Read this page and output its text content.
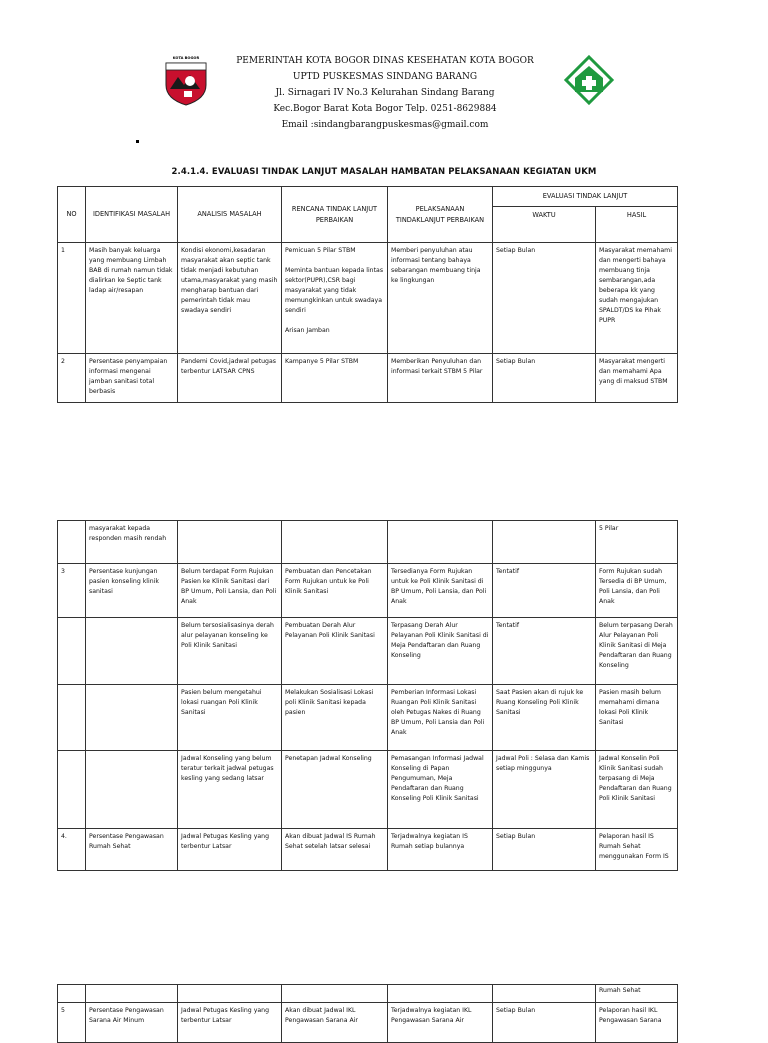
KOTA BOGOR	PEMERINTAH KOTA BOGOR DINAS KESEHATAN KOTA BOGOR
UPTD PUSKESMAS SINDANG BARANG
Jl. Sirnagari IV No.3 Kelurahan Sindang Barang
Kec.Bogor Barat Kota Bogor Telp. 0251-8629884
Email :sindangbarangpuskesmas@gmail.com
2.4.1.4. EVALUASI TINDAK LANJUT MASALAH HAMBATAN PELAKSANAAN KEGIATAN UKM
NO	IDENTIFIKASI MASALAH	ANALISIS MASALAH	RENCANA TINDAK LANJUT PERBAIKAN	PELAKSANAAN TINDAKLANJUT PERBAIKAN	EVALUASI TINDAK LANJUT	
					WAKTU	HASIL
1	Masih banyak keluarga yang membuang Limbah BAB di rumah namun tidak dialirkan ke Septic tank ladap air/resapan	Kondisi ekonomi,kesadaran masyarakat akan septic tank tidak menjadi kebutuhan utama,masyarakat yang masih mengharap bantuan dari pemerintah tidak mau swadaya sendiri	Pemicuan 5 Pilar STBM

Meminta bantuan kepada lintas sektor(PUPR),CSR bagi masyarakat yang tidak memungkinkan untuk swadaya sendiri

Arisan Jamban	Memberi penyuluhan atau informasi tentang bahaya sebarangan membuang tinja ke lingkungan	Setiap Bulan	Masyarakat memahami dan mengerti bahaya membuang tinja sembarangan,ada beberapa kk yang sudah mengajukan SPALDT/DS ke Pihak PUPR
2	Persentase penyampaian informasi mengenai jamban sanitasi total berbasis	Pandemi Covid,jadwal petugas terbentur LATSAR CPNS	Kampanye 5 Pilar STBM	Memberikan Penyuluhan dan informasi terkait STBM 5 Pilar	Setiap Bulan	Masyarakat mengerti dan memahami Apa yang di maksud STBM
	masyarakat kepada responden masih rendah					5 Pilar
3	Persentase kunjungan pasien konseling klinik sanitasi	Belum terdapat Form Rujukan Pasien ke Klinik Sanitasi dari BP Umum, Poli Lansia, dan Poli Anak	Pembuatan dan Pencetakan Form Rujukan untuk ke Poli Klinik Sanitasi	Tersedianya Form Rujukan untuk ke Poli Klinik Sanitasi di BP Umum, Poli Lansia, dan Poli Anak	Tentatif	Form Rujukan sudah Tersedia di BP Umum, Poli Lansia, dan Poli Anak
		Belum tersosialisasinya derah alur pelayanan konseling ke Poli Klinik Sanitasi	Pembuatan Derah Alur Pelayanan Poli Klinik Sanitasi	Terpasang Derah Alur Pelayanan Poli Klinik Sanitasi di Meja Pendaftaran dan Ruang Konseling	Tentatif	Belum terpasang Derah Alur Pelayanan Poli Klinik Sanitasi di Meja Pendaftaran dan Ruang Konseling
		Pasien belum mengetahui lokasi ruangan Poli Klinik Sanitasi	Melakukan Sosialisasi Lokasi poli Klinik Sanitasi kepada pasien	Pemberian Informasi Lokasi Ruangan Poli Klinik Sanitasi oleh Petugas Nakes di Ruang BP Umum, Poli Lansia dan Poli Anak	Saat Pasien akan di rujuk ke Ruang Konseling Poli Klinik Sanitasi	Pasien masih belum memahami dimana lokasi Poli Klinik Sanitasi
		Jadwal Konseling yang belum teratur terkait jadwal petugas kesling yang sedang latsar	Penetapan Jadwal Konseling	Pemasangan Informasi Jadwal Konseling di Papan Pengumuman, Meja Pendaftaran dan Ruang Konseling Poli Klinik Sanitasi	Jadwal Poli : Selasa dan Kamis setiap minggunya	Jadwal Konselin Poli Klinik Sanitasi sudah terpasang di Meja Pendaftaran dan Ruang Poli Klinik Sanitasi
4.	Persentase Pengawasan Rumah Sehat	Jadwal Petugas Kesling yang terbentur Latsar	Akan dibuat Jadwal IS Rumah Sehat setelah latsar selesai	Terjadwalnya kegiatan IS Rumah setiap bulannya	Setiap Bulan	Pelaporan hasil IS Rumah Sehat menggunakan Form IS
						Rumah Sehat
5	Persentase Pengawasan Sarana Air Minum	Jadwal Petugas Kesling yang terbentur Latsar	Akan dibuat Jadwal IKL Pengawasan Sarana Air	Terjadwalnya kegiatan IKL Pengawasan Sarana Air	Setiap Bulan	Pelaporan hasil IKL Pengawasan Sarana
